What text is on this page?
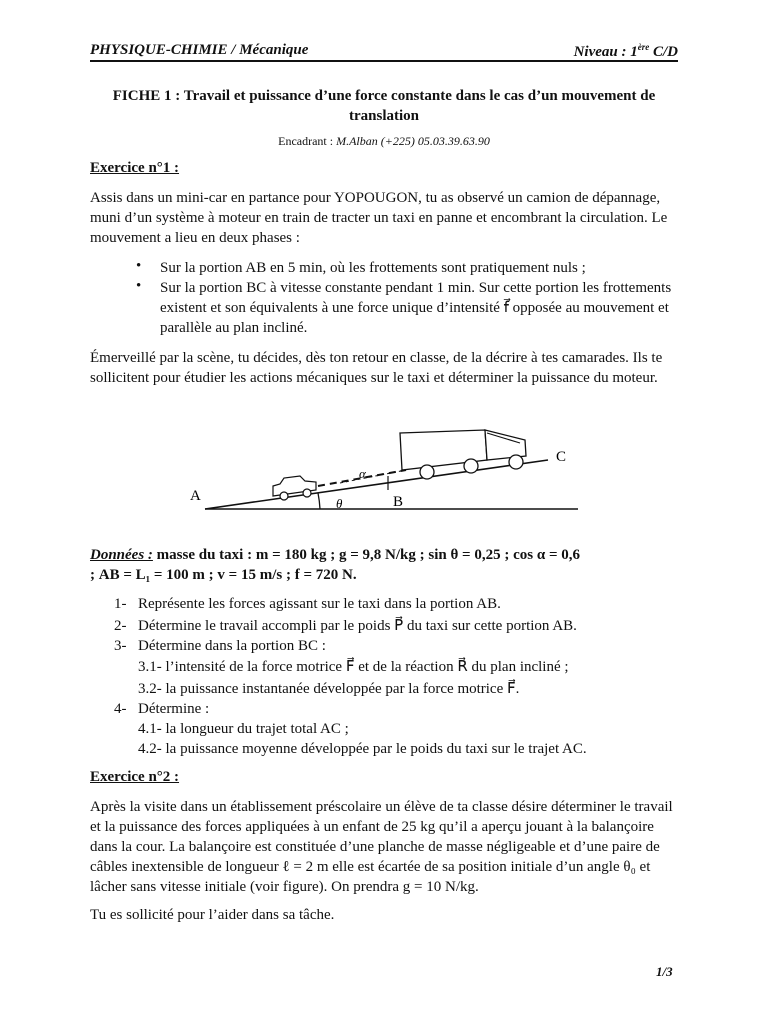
PHYSIQUE-CHIMIE / Mécanique	Niveau : 1ère C/D
FICHE 1 : Travail et puissance d’une force constante dans le cas d’un mouvement de translation
Encadrant : M.Alban (+225) 05.03.39.63.90
Exercice n°1 :
Assis dans un mini-car en partance pour YOPOUGON, tu as observé un camion de dépannage, muni d’un système à moteur en train de tracter un taxi en panne et encombrant la circulation. Le mouvement a lieu en deux phases :
• Sur la portion AB en 5 min, où les frottements sont pratiquement nuls ;
• Sur la portion BC à vitesse constante pendant 1 min. Sur cette portion les frottements existent et son équivalents à une force unique d’intensité f⃗ opposée au mouvement et parallèle au plan incliné.
Émerveillé par la scène, tu décides, dès ton retour en classe, de la décrire à tes camarades. Ils te sollicitent pour étudier les actions mécaniques sur le taxi et déterminer la puissance du moteur.
A	B
C
θ
α
Données : masse du taxi : m = 180 kg ; g = 9,8 N/kg ; sin θ = 0,25 ; cos α = 0,6
; AB = L₁ = 100 m ; v = 15 m/s ; f = 720 N.
1- Représente les forces agissant sur le taxi dans la portion AB.
2- Détermine le travail accompli par le poids P⃗ du taxi sur cette portion AB.
3- Détermine dans la portion BC :
3.1- l’intensité de la force motrice F⃗ et de la réaction R⃗ du plan incliné ;
3.2- la puissance instantanée développée par la force motrice F⃗.
4- Détermine :
4.1- la longueur du trajet total AC ;
4.2- la puissance moyenne développée par le poids du taxi sur le trajet AC.
Exercice n°2 :
Après la visite dans un établissement préscolaire un élève de ta classe désire déterminer le travail et la puissance des forces appliquées à un enfant de 25 kg qu’il a aperçu jouant à la balançoire dans la cour. La balançoire est constituée d’une planche de masse négligeable et d’une paire de câbles inextensible de longueur ℓ = 2 m elle est écartée de sa position initiale d’un angle θ₀ et lâcher sans vitesse initiale (voir figure). On prendra g = 10 N/kg.
Tu es sollicité pour l’aider dans sa tâche.
1/3
